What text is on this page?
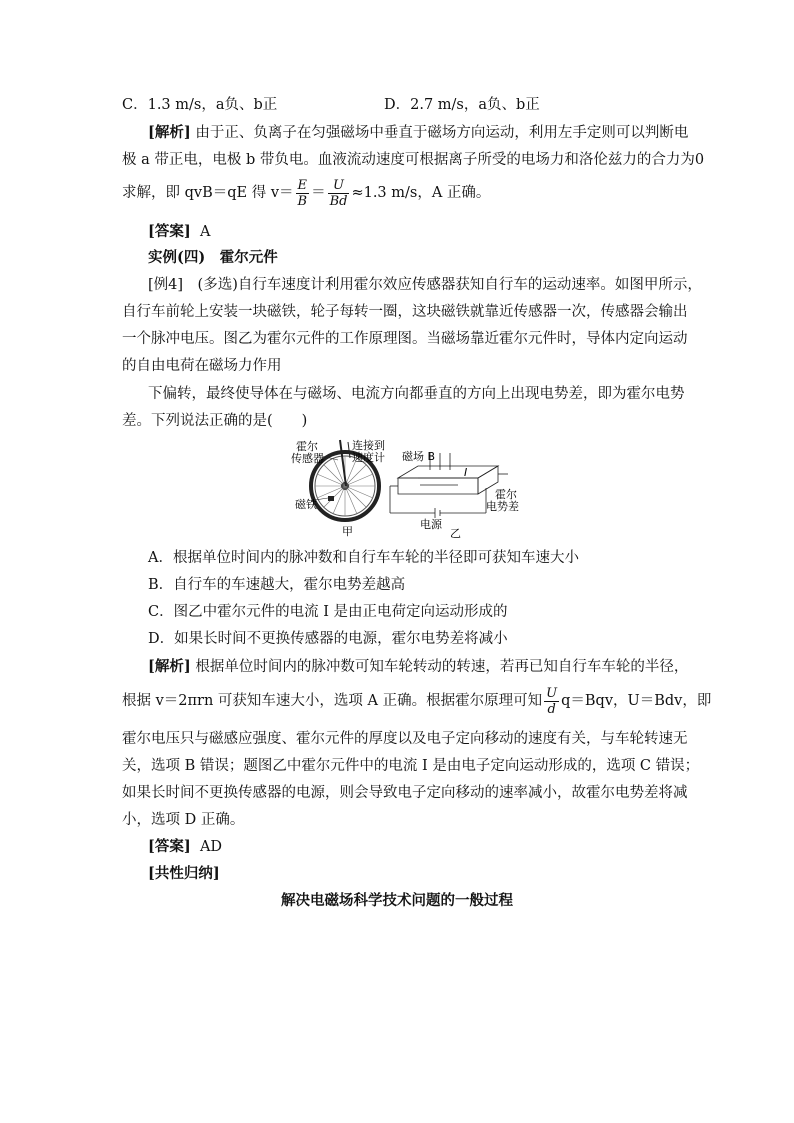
C．1.3 m/s，a负、b正	D．2.7 m/s，a负、b正
[解析] 由于正、负离子在匀强磁场中垂直于磁场方向运动，利用左手定则可以判断电
极 a 带正电，电极 b 带负电。血液流动速度可根据离子所受的电场力和洛伦兹力的合力为0
求解，即 qvB＝qE 得 $v= \frac{E}{B} = \frac{U}{Bd} \approx 1.3$ m/s，A 正确。
[答案] A
实例(四)　霍尔元件
[例4]　(多选)自行车速度计利用霍尔效应传感器获知自行车的运动速率。如图甲所示，
自行车前轮上安装一块磁铁，轮子每转一圈，这块磁铁就靠近传感器一次，传感器会输出
一个脉冲电压。图乙为霍尔元件的工作原理图。当磁场靠近霍尔元件时，导体内定向运动
的自由电荷在磁场力作用
下偏转，最终使导体在与磁场、电流方向都垂直的方向上出现电势差，即为霍尔电势
差。下列说法正确的是(　　)
霍尔
传感器
连接到
速度计
磁铁
甲
磁场 B
I
霍尔
电势差
电源
乙
A．根据单位时间内的脉冲数和自行车车轮的半径即可获知车速大小
B．自行车的车速越大，霍尔电势差越高
C．图乙中霍尔元件的电流 I 是由正电荷定向运动形成的
D．如果长时间不更换传感器的电源，霍尔电势差将减小
[解析] 根据单位时间内的脉冲数可知车轮转动的转速，若再已知自行车车轮的半径，
根据 v＝2πrn 可获知车速大小，选项 A 正确。根据霍尔原理可知 $\frac{U}{d} q=Bqv$，U＝Bdv，即
霍尔电压只与磁感应强度、霍尔元件的厚度以及电子定向移动的速度有关，与车轮转速无
关，选项 B 错误；题图乙中霍尔元件中的电流 I 是由电子定向运动形成的，选项 C 错误；
如果长时间不更换传感器的电源，则会导致电子定向移动的速率减小，故霍尔电势差将减
小，选项 D 正确。
[答案] AD
[共性归纳]
解决电磁场科学技术问题的一般过程
